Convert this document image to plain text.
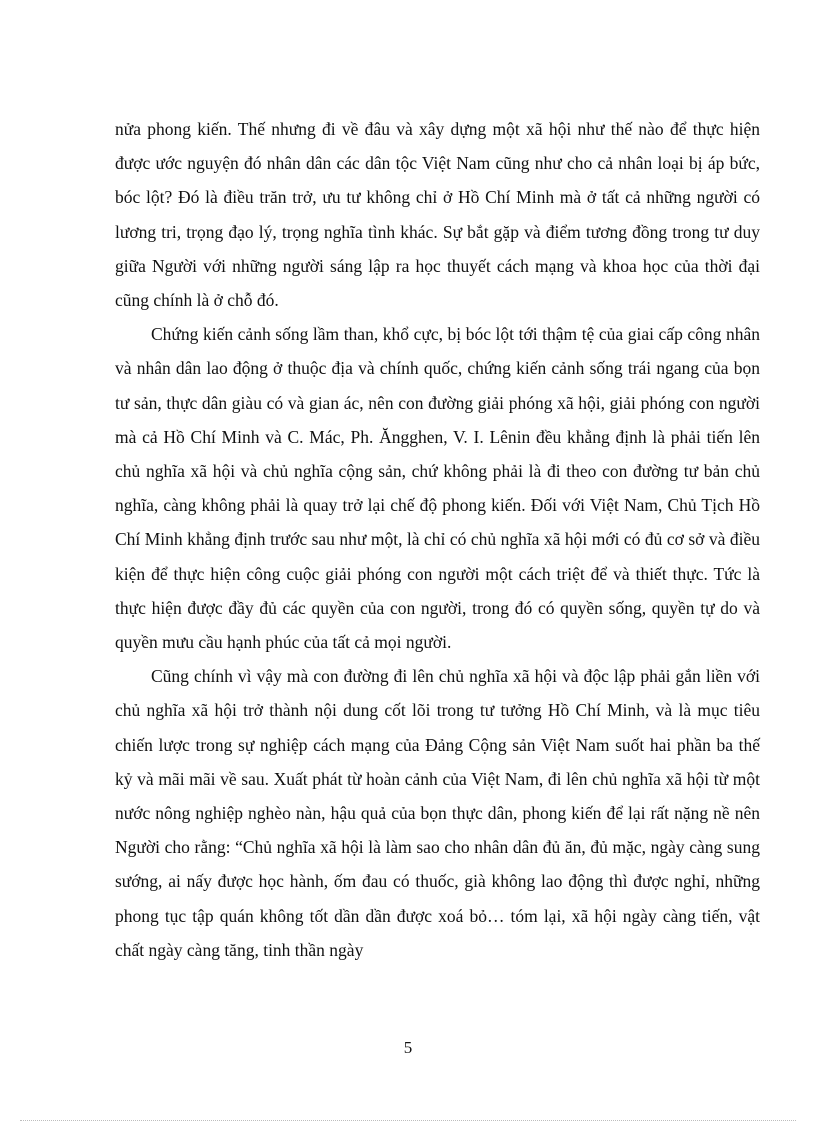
nửa phong kiến. Thế nhưng đi về đâu và xây dựng một xã hội như thế nào để thực hiện được ước nguyện đó nhân dân các dân tộc Việt Nam cũng như cho cả nhân loại bị áp bức, bóc lột? Đó là điều trăn trở, ưu tư không chỉ ở Hồ Chí Minh mà ở tất cả những người có lương tri, trọng đạo lý, trọng nghĩa tình khác. Sự bắt gặp và điểm tương đồng trong tư duy giữa Người với những người sáng lập ra học thuyết cách mạng và khoa học của thời đại cũng chính là ở chỗ đó.

Chứng kiến cảnh sống lầm than, khổ cực, bị bóc lột tới thậm tệ của giai cấp công nhân và nhân dân lao động ở thuộc địa và chính quốc, chứng kiến cảnh sống trái ngang của bọn tư sản, thực dân giàu có và gian ác, nên con đường giải phóng xã hội, giải phóng con người mà cả Hồ Chí Minh và C. Mác, Ph. Ăngghen, V. I. Lênin đều khẳng định là phải tiến lên chủ nghĩa xã hội và chủ nghĩa cộng sản, chứ không phải là đi theo con đường tư bản chủ nghĩa, càng không phải là quay trở lại chế độ phong kiến. Đối với Việt Nam, Chủ Tịch Hồ Chí Minh khẳng định trước sau như một, là chỉ có chủ nghĩa xã hội mới có đủ cơ sở và điều kiện để thực hiện công cuộc giải phóng con người một cách triệt để và thiết thực. Tức là thực hiện được đầy đủ các quyền của con người, trong đó có quyền sống, quyền tự do và quyền mưu cầu hạnh phúc của tất cả mọi người.

Cũng chính vì vậy mà con đường đi lên chủ nghĩa xã hội và độc lập phải gắn liền với chủ nghĩa xã hội trở thành nội dung cốt lõi trong tư tưởng Hồ Chí Minh, và là mục tiêu chiến lược trong sự nghiệp cách mạng của Đảng Cộng sản Việt Nam suốt hai phần ba thế kỷ và mãi mãi về sau. Xuất phát từ hoàn cảnh của Việt Nam, đi lên chủ nghĩa xã hội từ một nước nông nghiệp nghèo nàn, hậu quả của bọn thực dân, phong kiến để lại rất nặng nề nên Người cho rằng: “Chủ nghĩa xã hội là làm sao cho nhân dân đủ ăn, đủ mặc, ngày càng sung sướng, ai nấy được học hành, ốm đau có thuốc, già không lao động thì được nghỉ, những phong tục tập quán không tốt dần dần được xoá bỏ… tóm lại, xã hội ngày càng tiến, vật chất ngày càng tăng, tinh thần ngày

5
